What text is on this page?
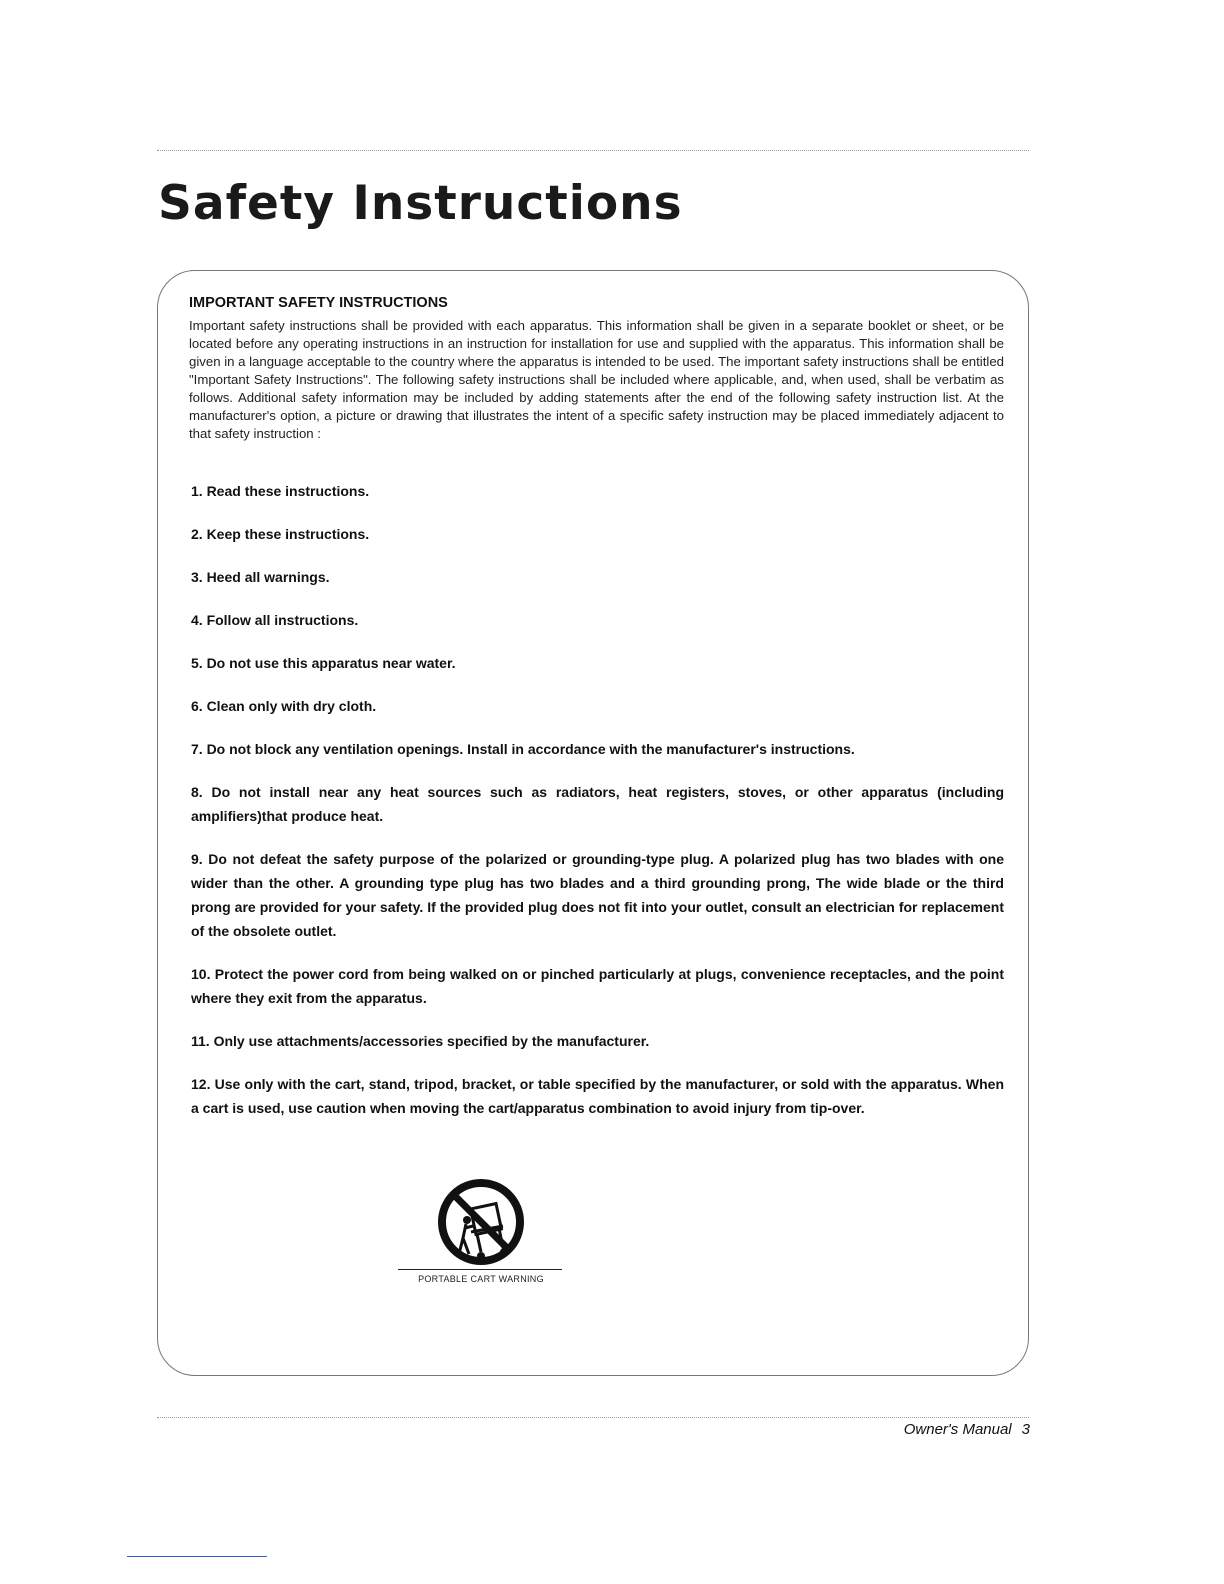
Safety Instructions

IMPORTANT SAFETY INSTRUCTIONS

Important safety instructions shall be provided with each apparatus. This information shall be given in a separate booklet or sheet, or be located before any operating instructions in an instruction for installation for use and supplied with the apparatus. This information shall be given in a language acceptable to the country where the apparatus is intended to be used. The important safety instructions shall be entitled "Important Safety Instructions". The following safety instructions shall be included where applicable, and, when used, shall be verbatim as follows. Additional safety information may be included by adding statements after the end of the following safety instruction list. At the manufacturer's option, a picture or drawing that illustrates the intent of a specific safety instruction may be placed immediately adjacent to that safety instruction :

1. Read these instructions.
2. Keep these instructions.
3. Heed all warnings.
4. Follow all instructions.
5. Do not use this apparatus near water.
6. Clean only with dry cloth.
7. Do not block any ventilation openings. Install in accordance with the manufacturer's instructions.
8. Do not install near any heat sources such as radiators, heat registers, stoves, or other apparatus (including amplifiers)that produce heat.
9. Do not defeat the safety purpose of the polarized or grounding-type plug. A polarized plug has two blades with one wider than the other. A grounding type plug has two blades and a third grounding prong, The wide blade or the third prong are provided for your safety. If the provided plug does not fit into your outlet, consult an electrician for replacement of the obsolete outlet.
10. Protect the power cord from being walked on or pinched particularly at plugs, convenience receptacles, and the point where they exit from the apparatus.
11. Only use attachments/accessories specified by the manufacturer.
12. Use only with the cart, stand, tripod, bracket, or table specified by the manufacturer, or sold with the apparatus. When a cart is used, use caution when moving the cart/apparatus combination to avoid injury from tip-over.
PORTABLE CART WARNING
Owner's Manual 3
